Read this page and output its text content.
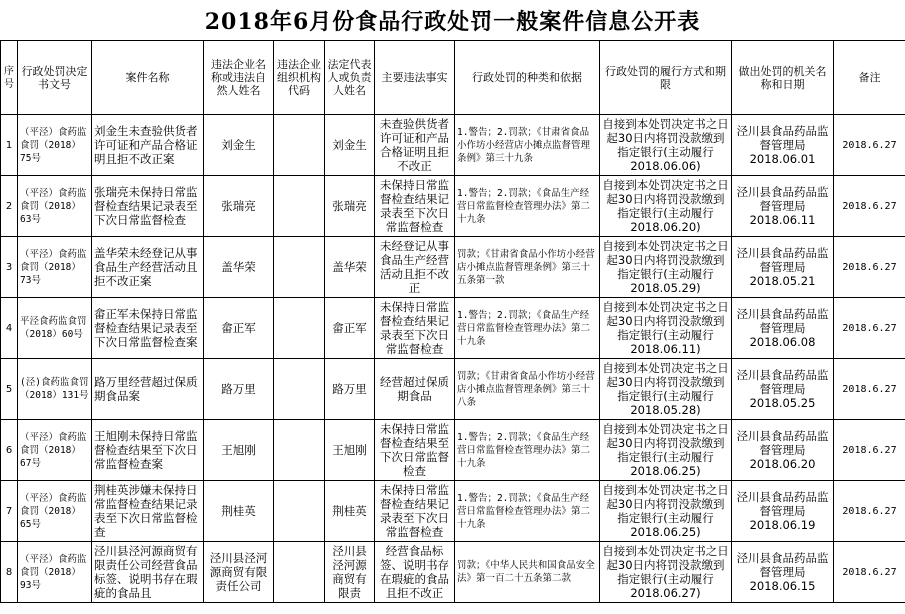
2018年6月份食品行政处罚一般案件信息公开表
序号	行政处罚决定书文号	案件名称	违法企业名称或违法自然人姓名	违法企业组织机构代码	法定代表人或负责人姓名	主要违法事实	行政处罚的种类和依据	行政处罚的履行方式和期限	做出处罚的机关名称和日期	备注

1	（平泾）食药监食罚（2018）75号	刘金生未查验供货者许可证和产品合格证明且拒不改正案	刘金生		刘金生	未查验供货者许可证和产品合格证明且拒不改正	1.警告；2.罚款；《甘肃省食品小作坊小经营店小摊点监督管理条例》第三十九条	自接到本处罚决定书之日起30日内将罚没款缴到指定银行(主动履行2018.06.06)	泾川县食品药品监督管理局2018.06.01	2018.6.27

2	（平泾）食药监食罚（2018）63号	张瑞亮未保持日常监督检查结果记录表至下次日常监督检查	张瑞亮		张瑞亮	未保持日常监督检查结果记录表至下次日常监督检查	1.警告；2.罚款；《食品生产经营日常监督检查管理办法》第二十九条	自接到本处罚决定书之日起30日内将罚没款缴到指定银行(主动履行2018.06.20)	泾川县食品药品监督管理局2018.06.11	2018.6.27

3	（平泾）食药监食罚（2018）73号	盖华荣未经登记从事食品生产经营活动且拒不改正案	盖华荣		盖华荣	未经登记从事食品生产经营活动且拒不改正	罚款；《甘肃省食品小作坊小经营店小摊点监督管理条例》第三十五条第一款	自接到本处罚决定书之日起30日内将罚没款缴到指定银行(主动履行2018.05.29)	泾川县食品药品监督管理局2018.05.21	2018.6.27

4	平泾食药监食罚（2018）60号	畲正军未保持日常监督检查结果记录表至下次日常监督检查案	畲正军		畲正军	未保持日常监督检查结果记录表至下次日常监督检查	1.警告；2.罚款；《食品生产经营日常监督检查管理办法》第二十九条	自接到本处罚决定书之日起30日内将罚没款缴到指定银行(主动履行2018.06.11)	泾川县食品药品监督管理局2018.06.08	2018.6.27

5	(泾)食药监食罚（2018）131号	路万里经营超过保质期食品案	路万里		路万里	经营超过保质期食品	罚款；《甘肃省食品小作坊小经营店小摊点监督管理条例》第三十八条	自接到本处罚决定书之日起30日内将罚没款缴到指定银行(主动履行2018.05.28)	泾川县食品药品监督管理局2018.05.25	2018.6.27

6	（平泾）食药监食罚（2018）67号	王旭刚未保持日常监督检查结果至下次日常监督检查案	王旭刚		王旭刚	未保持日常监督检查结果至下次日常监督检查	1.警告；2.罚款；《食品生产经营日常监督检查管理办法》第二十九条	自接到本处罚决定书之日起30日内将罚没款缴到指定银行(主动履行2018.06.25)	泾川县食品药品监督管理局2018.06.20	2018.6.27

7	（平泾）食药监食罚（2018）65号	荆桂英涉嫌未保持日常监督检查结果记录表至下次日常监督检查	荆桂英		荆桂英	未保持日常监督检查结果记录表至下次日常监督检查	1.警告；2.罚款；《食品生产经营日常监督检查管理办法》第二十九条	自接到本处罚决定书之日起30日内将罚没款缴到指定银行(主动履行2018.06.25)	泾川县食品药品监督管理局2018.06.19	2018.6.27

8	（平泾）食药监食罚（2018）93号	泾川县泾河源商贸有限责任公司经营食品标签、说明书存在瑕疵的食品且	泾川县泾河源商贸有限责任公司		泾川县泾河源商贸有限责	经营食品标签、说明书存在瑕疵的食品且拒不改正	罚款；《中华人民共和国食品安全法》第一百二十五条第二款	自接到本处罚决定书之日起30日内将罚没款缴到指定银行(主动履行2018.06.27)	泾川县食品药品监督管理局2018.06.15	2018.6.27
